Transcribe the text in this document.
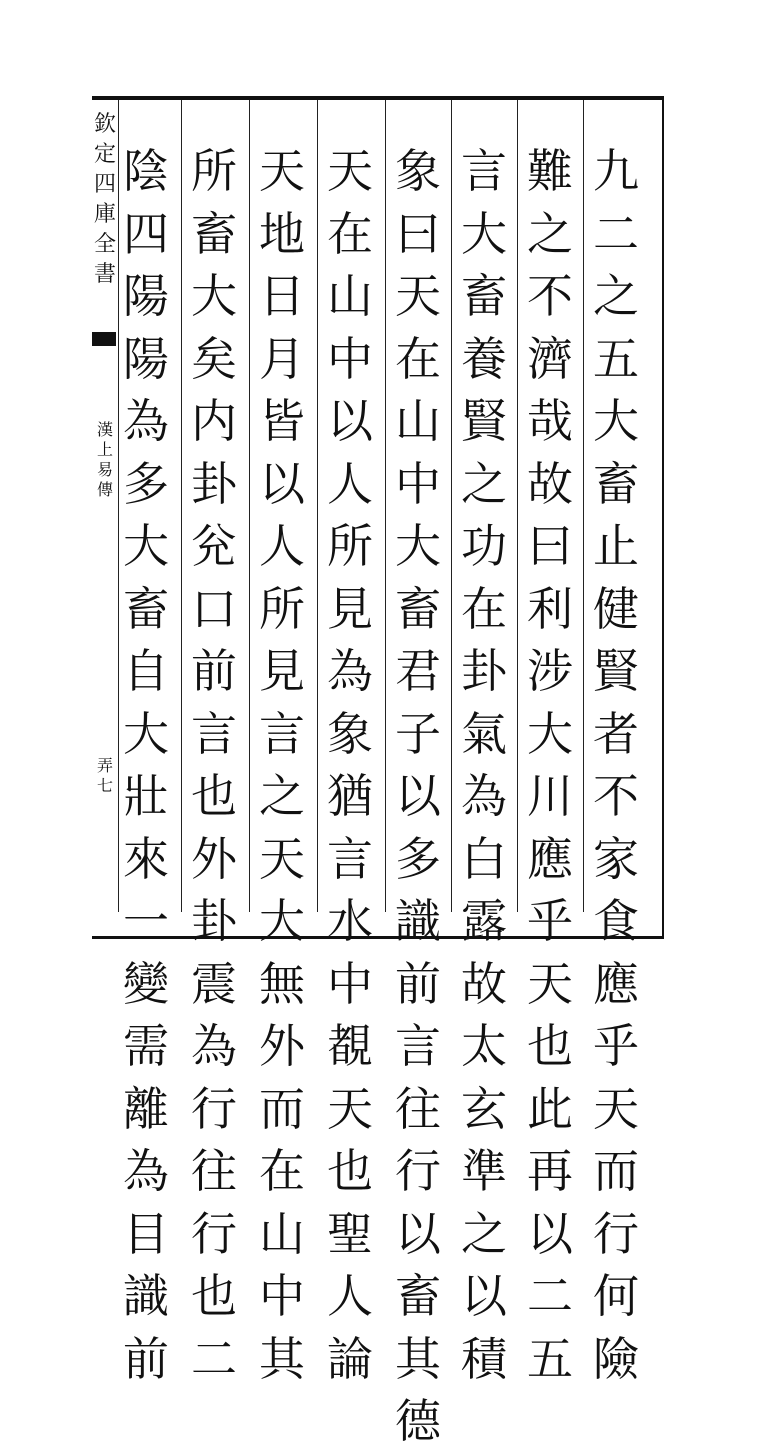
欽
定
四
庫
全
書
漢
上
易
傳
弄
七
九
二
之
五
大
畜
止
健
賢
者
不
家
食
應
乎
天
而
行
何
險
難
之
不
濟
哉
故
曰
利
涉
大
川
應
乎
天
也
此
再
以
二
五
言
大
畜
養
賢
之
功
在
卦
氣
為
白
露
故
太
玄
準
之
以
積
象
曰
天
在
山
中
大
畜
君
子
以
多
識
前
言
往
行
以
畜
其
德
天
在
山
中
以
人
所
見
為
象
猶
言
水
中
覩
天
也
聖
人
論
天
地
日
月
皆
以
人
所
見
言
之
天
大
無
外
而
在
山
中
其
所
畜
大
矣
内
卦
兊
口
前
言
也
外
卦
震
為
行
往
行
也
二
陰
四
陽
陽
為
多
大
畜
自
大
壯
來
一
變
需
離
為
目
識
前
